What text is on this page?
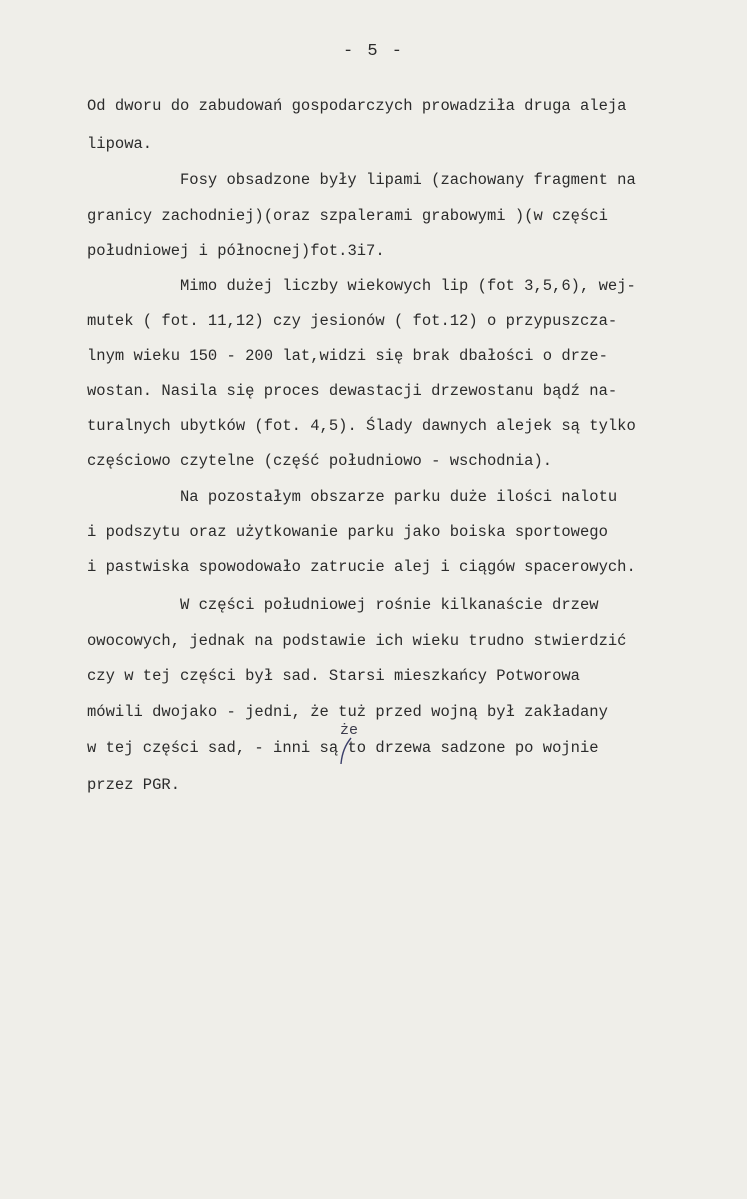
- 5 -
Od dworu do zabudowań gospodarczych prowadziła druga aleja
lipowa.
Fosy obsadzone były lipami (zachowany fragment na
granicy zachodniej)(oraz szpalerami grabowymi )(w części
południowej i północnej)fot.3i7.
Mimo dużej liczby wiekowych lip (fot 3,5,6), wej-
mutek ( fot. 11,12) czy jesionów ( fot.12) o przypuszcza-
lnym wieku 150 - 200 lat,widzi się brak dbałości o drze-
wostan. Nasila się proces dewastacji drzewostanu bądź na-
turalnych ubytków (fot. 4,5). Ślady dawnych alejek są tylko
częściowo czytelne (część południowo - wschodnia).
Na pozostałym obszarze parku duże ilości nalotu
i podszytu oraz użytkowanie parku jako boiska sportowego
i pastwiska spowodowało zatrucie alej i ciągów spacerowych.
W części południowej rośnie kilkanaście drzew
owocowych, jednak na podstawie ich wieku trudno stwierdzić
czy w tej części był sad. Starsi mieszkańcy Potworowa
mówili dwojako - jedni, że tuż przed wojną był zakładany
w tej części sad, - inni są to drzewa sadzone po wojnie
przez PGR.
że
